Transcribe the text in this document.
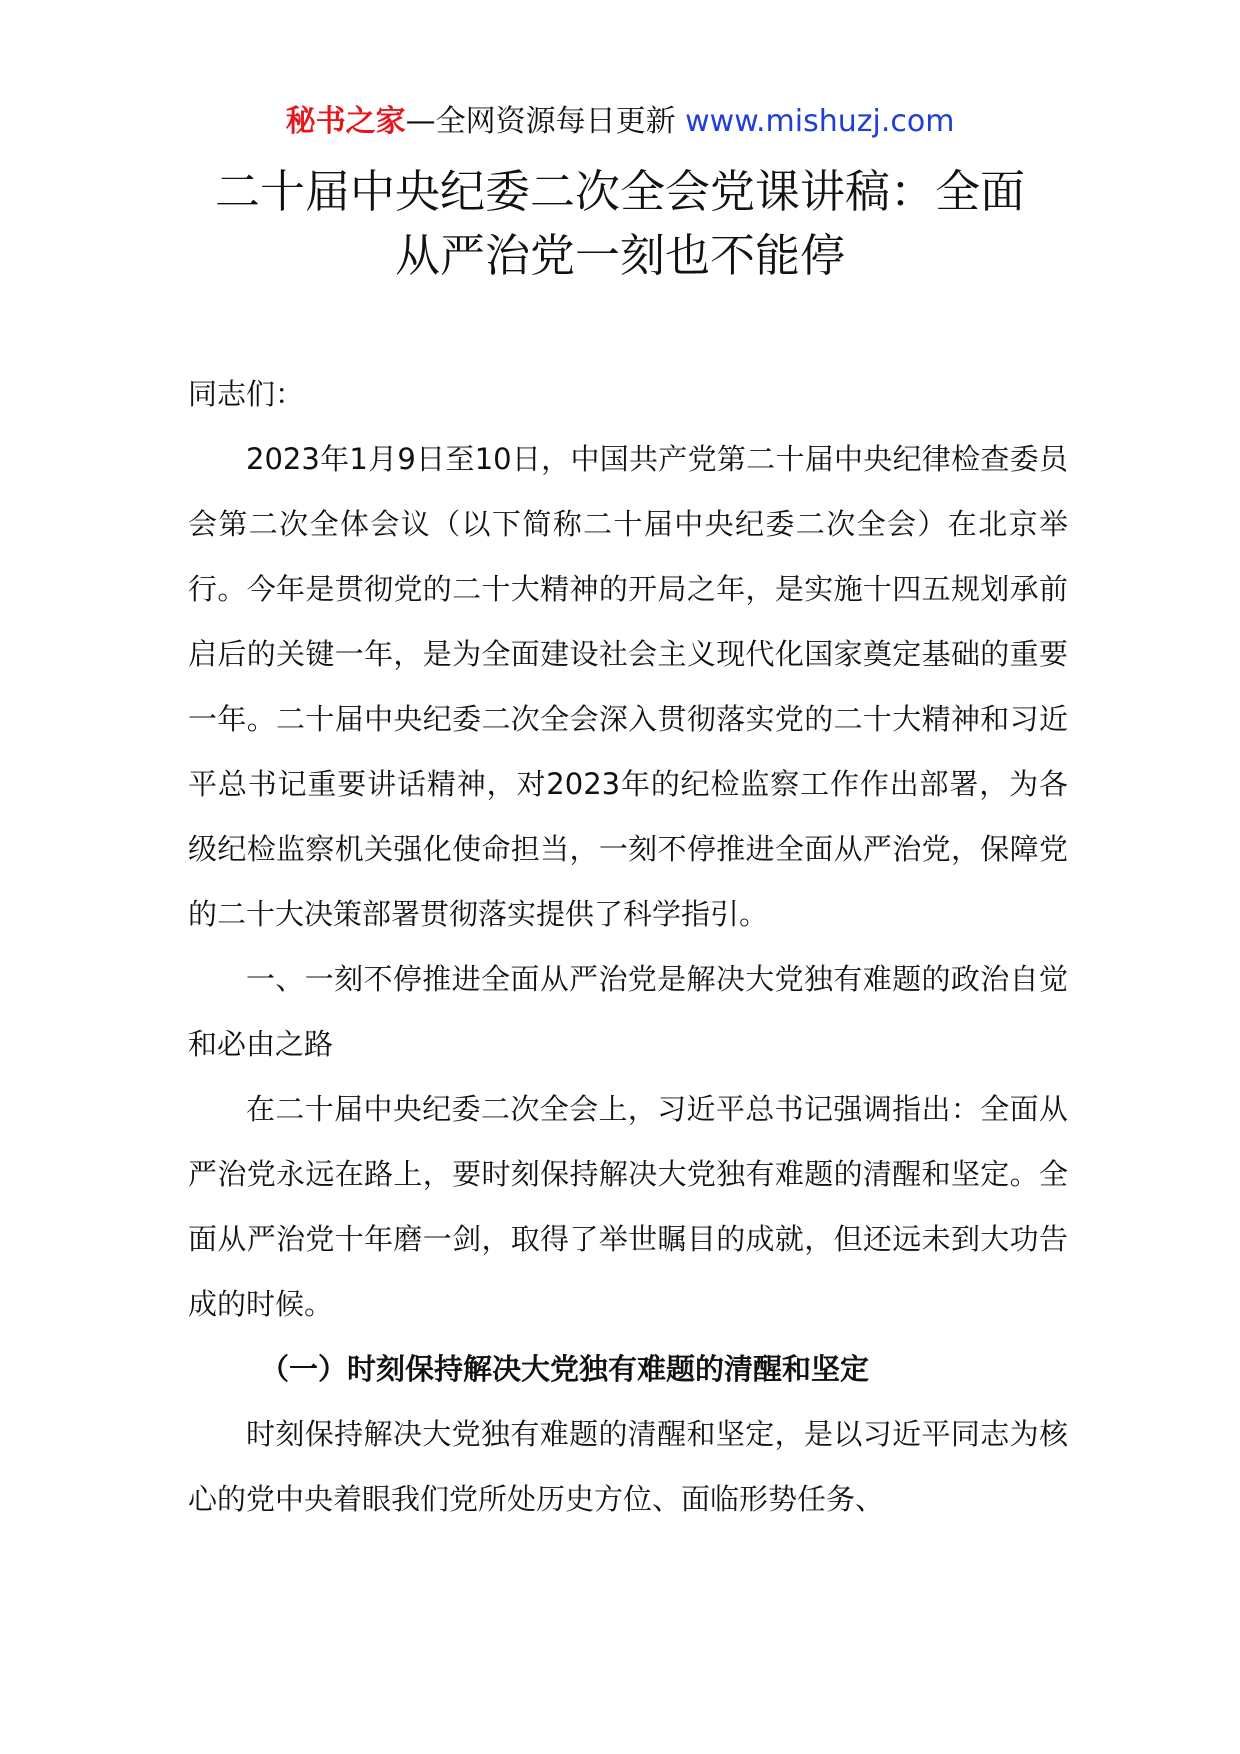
秘书之家—全网资源每日更新 www.mishuzj.com
二十届中央纪委二次全会党课讲稿：全面
从严治党一刻也不能停

同志们：

2023年1月9日至10日，中国共产党第二十届中央纪律检查委员会第二次全体会议（以下简称二十届中央纪委二次全会）在北京举行。今年是贯彻党的二十大精神的开局之年，是实施十四五规划承前启后的关键一年，是为全面建设社会主义现代化国家奠定基础的重要一年。二十届中央纪委二次全会深入贯彻落实党的二十大精神和习近平总书记重要讲话精神，对2023年的纪检监察工作作出部署，为各级纪检监察机关强化使命担当，一刻不停推进全面从严治党，保障党的二十大决策部署贯彻落实提供了科学指引。

一、一刻不停推进全面从严治党是解决大党独有难题的政治自觉和必由之路

在二十届中央纪委二次全会上，习近平总书记强调指出：全面从严治党永远在路上，要时刻保持解决大党独有难题的清醒和坚定。全面从严治党十年磨一剑，取得了举世瞩目的成就，但还远未到大功告成的时候。

（一）时刻保持解决大党独有难题的清醒和坚定

时刻保持解决大党独有难题的清醒和坚定，是以习近平同志为核心的党中央着眼我们党所处历史方位、面临形势任务、
